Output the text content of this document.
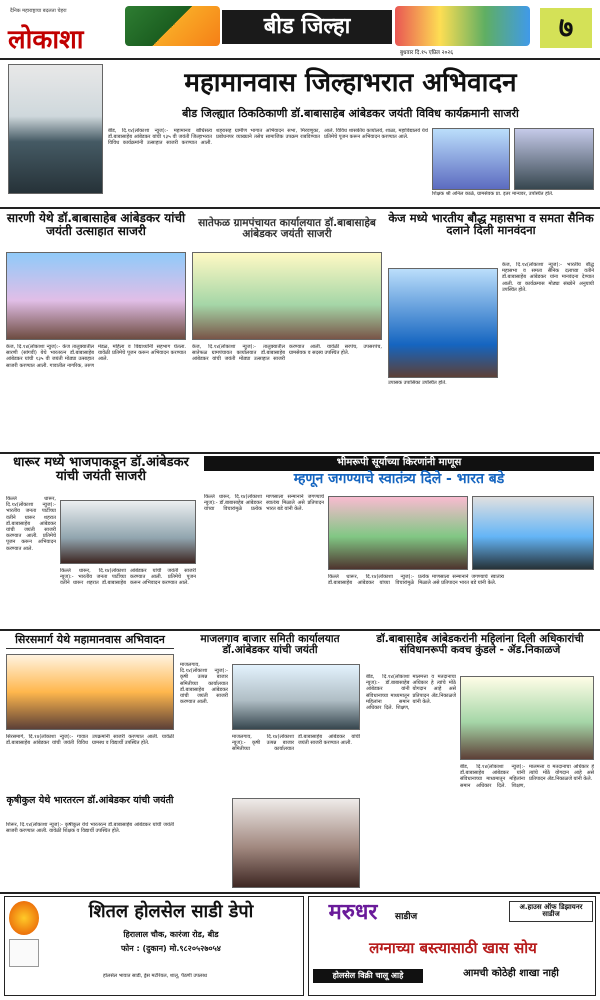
लोकाशा
दैनिक महाराष्ट्राचा बदलता चेहरा
बीड जिल्हा	७
बुधवार दि.१५ एप्रिल २०२६
महामानवास जिल्हाभरात अभिवादन
बीड जिल्ह्यात ठिकठिकाणी डॉ.बाबासाहेब आंबेडकर जयंती विविध कार्यक्रमानी साजरी
बीड, दि.१४(लोकाशा न्युज):- महामानव बोधिसत्व डॉ.बाबासाहेब आंबेडकर यांची १३५ वी जयंती जिल्हाभरात विविध कार्यक्रमांनी उत्साहात साजरी करण्यात आली. शहरासह ग्रामीण भागात अभिवादन सभा, मिरवणुका, प्रबोधनपर व्याख्याने तसेच सामाजिक उपक्रम राबविण्यात आले. विविध शासकीय कार्यालये, शाळा, महाविद्यालये येथे प्रतिमेचे पूजन करून अभिवादन करण्यात आले.
शिक्षक श्री अनिल काळे, ग्रामसेवक प्रा. इतर मान्यवर, उपस्थित होते.
सारणी येथे डॉ.बाबासाहेब आंबेडकर यांची जयंती उत्साहात साजरी
केज, दि.१४(लोकाशा न्युज):- केज तालुक्यातील सारणी (सांगवी) येथे भारतरत्न डॉ.बाबासाहेब आंबेडकर यांची १३५ वी जयंती मोठ्या उत्साहात साजरी करण्यात आली. गावातील नागरिक, तरुण मंडळ, महिला व विद्यार्थ्यांनी सहभाग घेतला. यावेळी प्रतिमेचे पूजन करून अभिवादन करण्यात आले.
सातेफळ ग्रामपंचायत कार्यालयात डॉ.बाबासाहेब आंबेडकर जयंती साजरी
केज, दि.१४(लोकाशा न्युज):- तालुक्यातील सातेफळ ग्रामपंचायत कार्यालयात डॉ.बाबासाहेब आंबेडकर यांची जयंती मोठ्या उत्साहात साजरी करण्यात आली. यावेळी सरपंच, उपसरपंच, ग्रामसेवक व सदस्य उपस्थित होते.
केज मध्ये भारतीय बौद्ध महासभा व समता सैनिक दलाने दिली मानवंदना
केज, दि.१४(लोकाशा न्युज):- भारतीय बौद्ध महासभा व समता सैनिक दलाच्या वतीने डॉ.बाबासाहेब आंबेडकर यांना मानवंदना देण्यात आली. या कार्यक्रमास मोठ्या संख्येने अनुयायी उपस्थित होते.
उपासक उपासिका उपस्थित होते.
धारूर मध्ये भाजपाकडून डॉ.आंबेडकर यांची जयंती साजरी
किल्ले धारूर, दि.१४(लोकाशा न्युज):- भारतीय जनता पार्टीच्या वतीने धारूर शहरात डॉ.बाबासाहेब आंबेडकर यांची जयंती साजरी करण्यात आली. प्रतिमेचे पूजन करून अभिवादन करण्यात आले.
किल्ले धारूर, दि.१४(लोकाशा न्युज):- भारतीय जनता पार्टीच्या वतीने धारूर शहरात डॉ.बाबासाहेब आंबेडकर यांची जयंती साजरी करण्यात आली. प्रतिमेचे पूजन करून अभिवादन करण्यात आले.
भीमरूपी सूर्याच्या किरणांनी माणूस
म्हणून जगण्याचे स्वातंत्र्य दिले - भारत बडे
किल्ले धारूर, दि.१४(लोकाशा न्युज):- डॉ.बाबासाहेब आंबेडकर यांच्या विचारांमुळे प्रत्येक माणसाला सन्मानाने जगण्याचे स्वातंत्र्य मिळाले असे प्रतिपादन भारत बडे यांनी केले.
किल्ले धारूर, दि.१४(लोकाशा न्युज):- डॉ.बाबासाहेब आंबेडकर यांच्या विचारांमुळे प्रत्येक माणसाला सन्मानाने जगण्याचे स्वातंत्र्य मिळाले असे प्रतिपादन भारत बडे यांनी केले.
सिरसमार्ग येथे महामानवास अभिवादन
सिरसमार्ग, दि.१४(लोकाशा न्युज):- गावात डॉ.बाबासाहेब आंबेडकर यांची जयंती विविध उपक्रमांनी साजरी करण्यात आली. यावेळी ग्रामस्थ व विद्यार्थी उपस्थित होते.
कृषीकुल येथे भारतरत्न डॉ.आंबेडकर यांची जयंती
शिरूर, दि.१४(लोकाशा न्युज):- कृषीकुल येथे भारतरत्न डॉ.बाबासाहेब आंबेडकर यांची जयंती साजरी करण्यात आली. यावेळी शिक्षक व विद्यार्थी उपस्थित होते.
माजलगाव बाजार समिती कार्यालयात डॉ.आंबेडकर यांची जयंती
माजलगाव, दि.१४(लोकाशा न्युज):- कृषी उत्पन्न बाजार समितीच्या कार्यालयात डॉ.बाबासाहेब आंबेडकर यांची जयंती साजरी करण्यात आली.
माजलगाव, दि.१४(लोकाशा न्युज):- कृषी उत्पन्न बाजार समितीच्या कार्यालयात डॉ.बाबासाहेब आंबेडकर यांची जयंती साजरी करण्यात आली.
डॉ.बाबासाहेब आंबेडकरांनी महिलांना दिली अधिकारांची संविधानरूपी कवच कुंडले - ॲड.निकाळजे
बीड, दि.१४(लोकाशा न्युज):- डॉ.बाबासाहेब आंबेडकर यांनी संविधानाच्या माध्यमातून महिलांना समान अधिकार दिले. शिक्षण, मालमत्ता व मतदानाचा अधिकार हे त्यांचे मोठे योगदान आहे असे प्रतिपादन ॲड.निकाळजे यांनी केले.
बीड, दि.१४(लोकाशा न्युज):- डॉ.बाबासाहेब आंबेडकर यांनी संविधानाच्या माध्यमातून महिलांना समान अधिकार दिले. शिक्षण, मालमत्ता व मतदानाचा अधिकार हे त्यांचे मोठे योगदान आहे असे प्रतिपादन ॲड.निकाळजे यांनी केले.
शितल होलसेल साडी डेपो
हिरालाल चौक, कारंजा रोड, बीड
फोन : (दुकान) मो.९८२०५२७०५४
होलसेल भावात साडी, ड्रेस मटेरियल, शालू, पैठणी उपलब्ध
मरुधर	साडीज
अ.हाउस ऑफ डिझायनर साडीज
लग्नाच्या बस्त्यासाठी खास सोय
होलसेल विक्री चालू आहे	आमची कोठेही शाखा नाही
